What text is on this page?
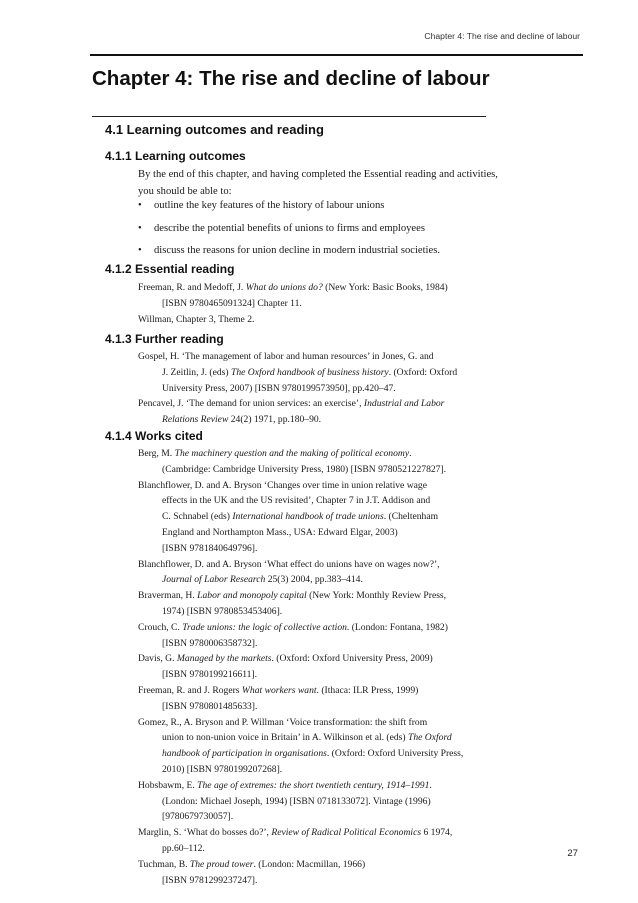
Chapter 4: The rise and decline of labour
Chapter 4: The rise and decline of labour
4.1 Learning outcomes and reading
4.1.1 Learning outcomes
By the end of this chapter, and having completed the Essential reading and activities, you should be able to:
• outline the key features of the history of labour unions
• describe the potential benefits of unions to firms and employees
• discuss the reasons for union decline in modern industrial societies.
4.1.2 Essential reading
Freeman, R. and Medoff, J. What do unions do? (New York: Basic Books, 1984)
[ISBN 9780465091324] Chapter 11.
Willman, Chapter 3, Theme 2.
4.1.3 Further reading
Gospel, H. ‘The management of labor and human resources’ in Jones, G. and
J. Zeitlin, J. (eds) The Oxford handbook of business history. (Oxford: Oxford
University Press, 2007) [ISBN 9780199573950], pp.420–47.
Pencavel, J. ‘The demand for union services: an exercise’, Industrial and Labor
Relations Review 24(2) 1971, pp.180–90.
4.1.4 Works cited
Berg, M. The machinery question and the making of political economy.
(Cambridge: Cambridge University Press, 1980) [ISBN 9780521227827].
Blanchflower, D. and A. Bryson ‘Changes over time in union relative wage
effects in the UK and the US revisited’, Chapter 7 in J.T. Addison and
C. Schnabel (eds) International handbook of trade unions. (Cheltenham
England and Northampton Mass., USA: Edward Elgar, 2003)
[ISBN 9781840649796].
Blanchflower, D. and A. Bryson ‘What effect do unions have on wages now?’,
Journal of Labor Research 25(3) 2004, pp.383–414.
Braverman, H. Labor and monopoly capital (New York: Monthly Review Press,
1974) [ISBN 9780853453406].
Crouch, C. Trade unions: the logic of collective action. (London: Fontana, 1982)
[ISBN 9780006358732].
Davis, G. Managed by the markets. (Oxford: Oxford University Press, 2009)
[ISBN 9780199216611].
Freeman, R. and J. Rogers What workers want. (Ithaca: ILR Press, 1999)
[ISBN 9780801485633].
Gomez, R., A. Bryson and P. Willman ‘Voice transformation: the shift from
union to non-union voice in Britain’ in A. Wilkinson et al. (eds) The Oxford
handbook of participation in organisations. (Oxford: Oxford University Press,
2010) [ISBN 9780199207268].
Hobsbawm, E. The age of extremes: the short twentieth century, 1914–1991.
(London: Michael Joseph, 1994) [ISBN 0718133072]. Vintage (1996)
[9780679730057].
Marglin, S. ‘What do bosses do?’, Review of Radical Political Economics 6 1974,
pp.60–112.
Tuchman, B. The proud tower. (London: Macmillan, 1966)
[ISBN 9781299237247].
27
